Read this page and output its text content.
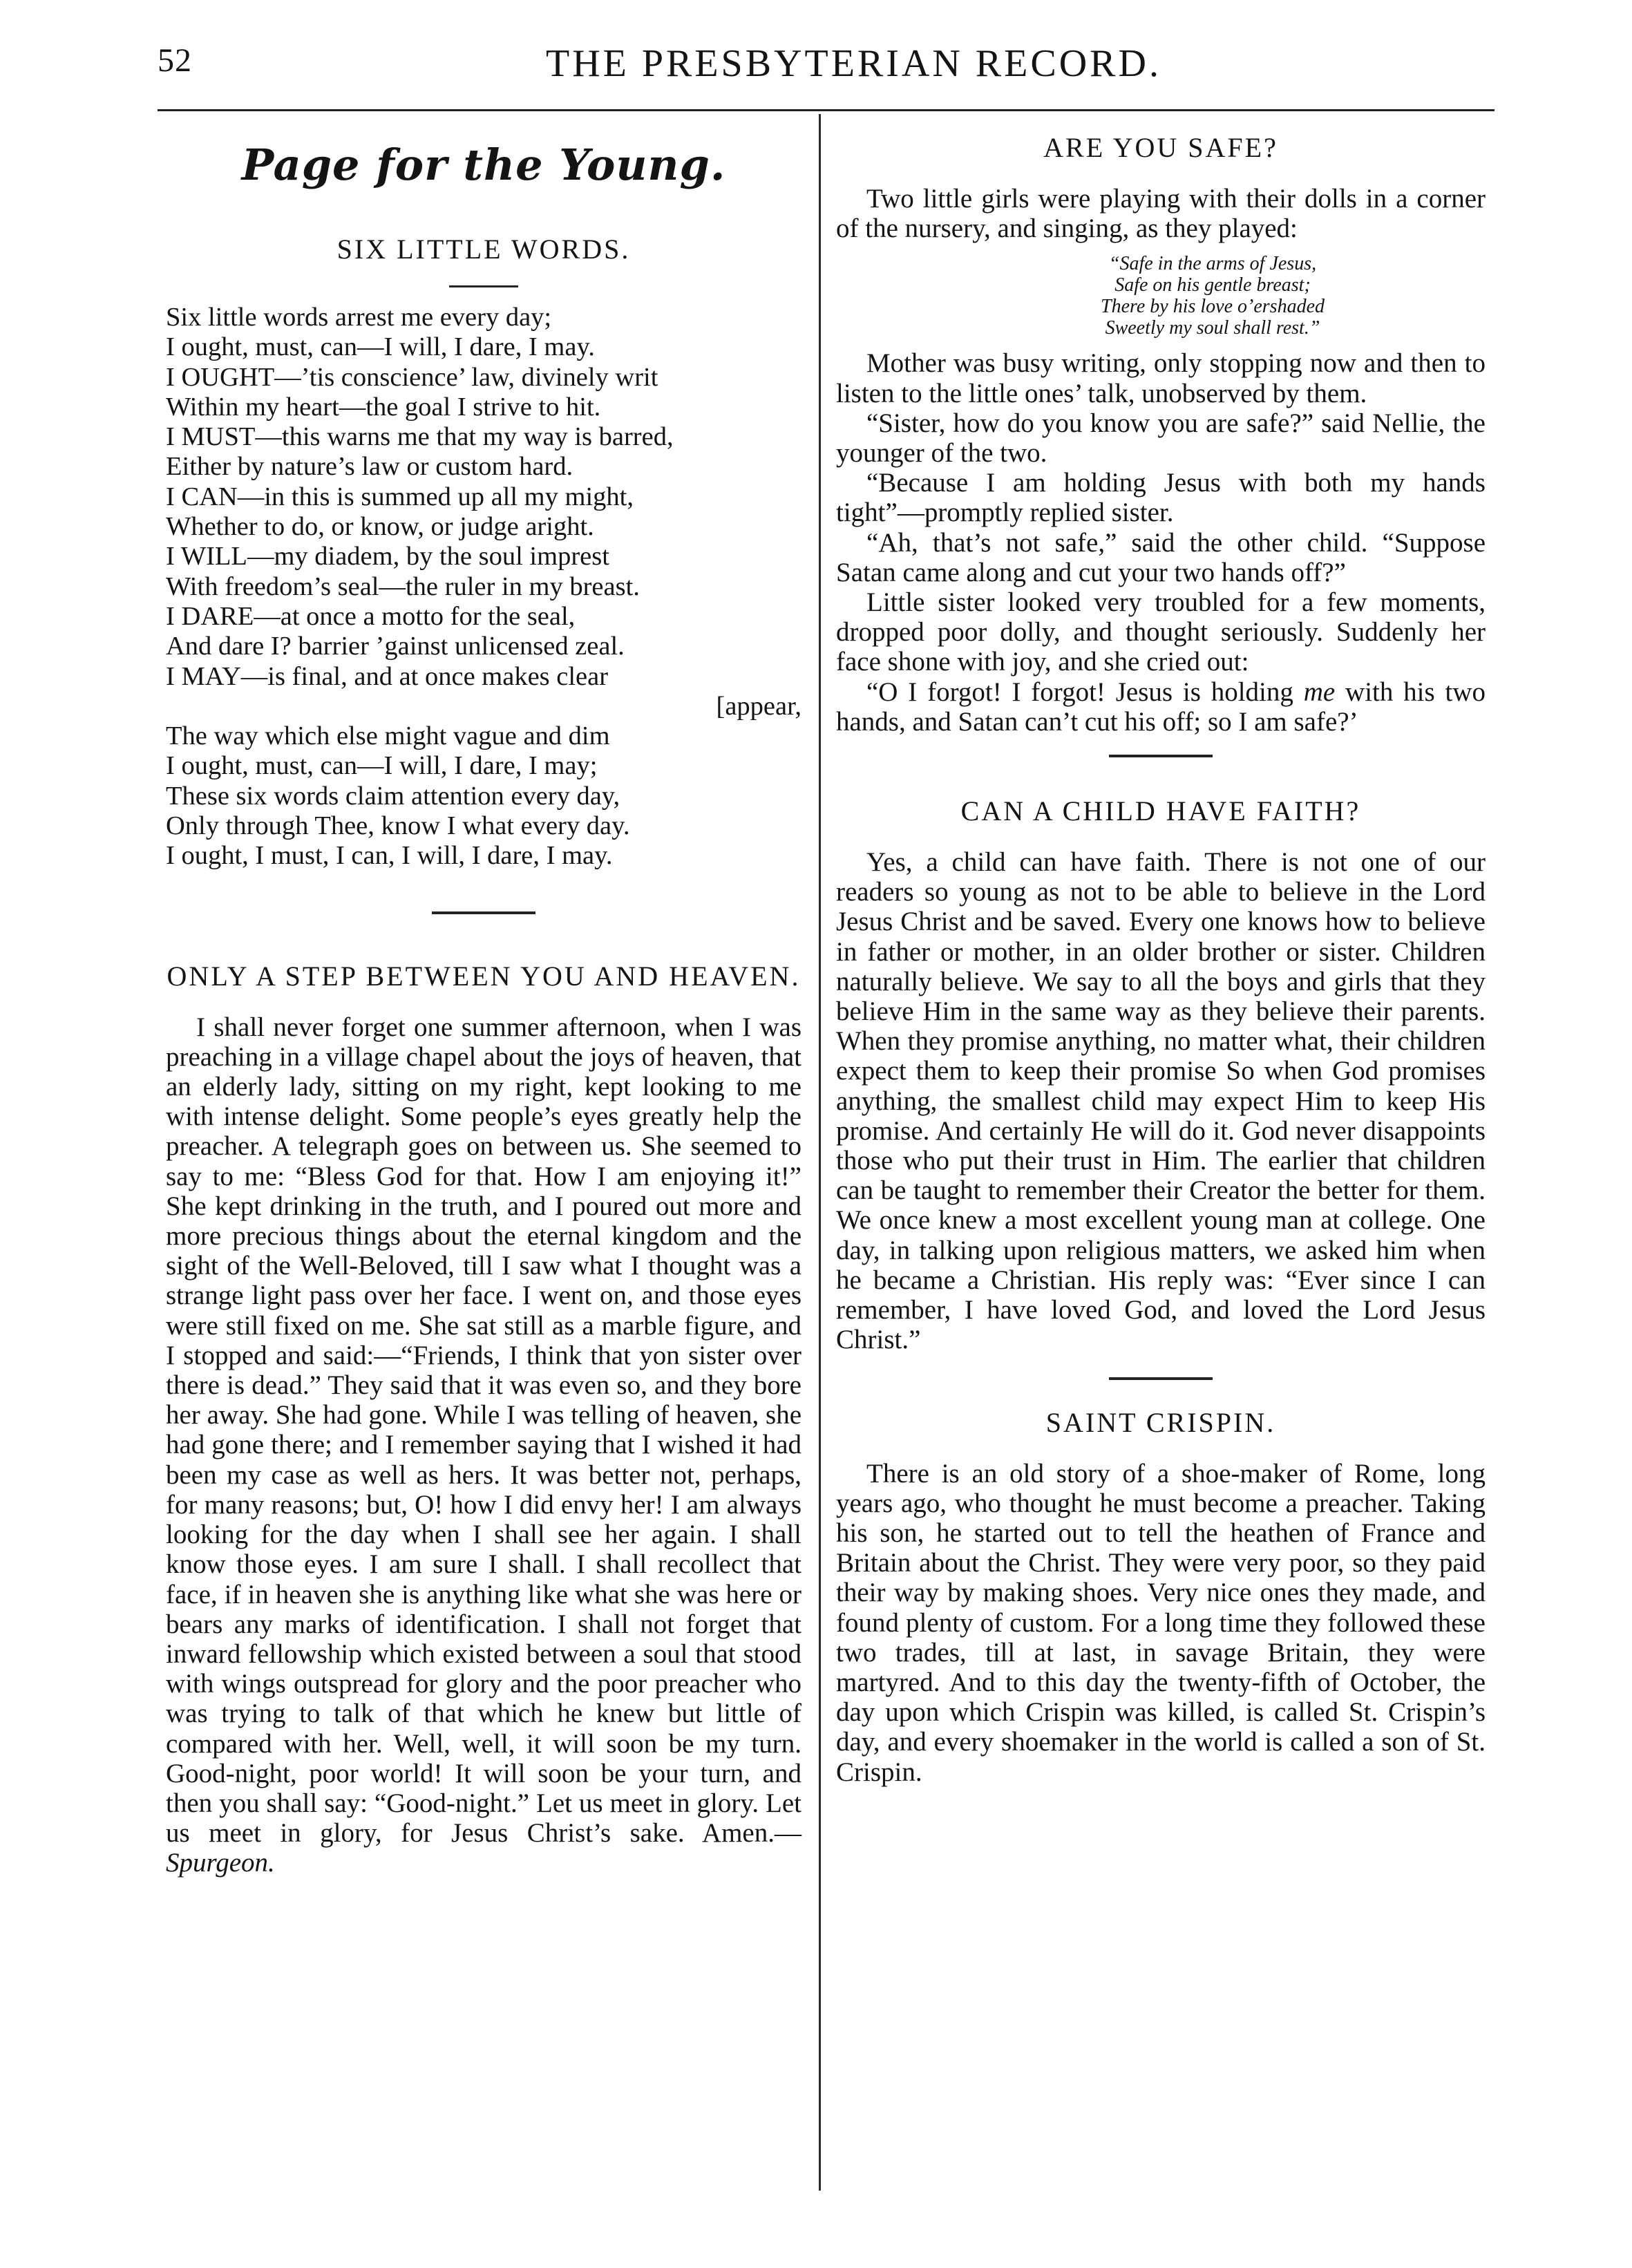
52	THE PRESBYTERIAN RECORD.
Page for the Young.
SIX LITTLE WORDS.
Six little words arrest me every day;
I ought, must, can—I will, I dare, I may.
I OUGHT—’tis conscience’ law, divinely writ
Within my heart—the goal I strive to hit.
I MUST—this warns me that my way is barred,
Either by nature’s law or custom hard.
I CAN—in this is summed up all my might,
Whether to do, or know, or judge aright.
I WILL—my diadem, by the soul imprest
With freedom’s seal—the ruler in my breast.
I DARE—at once a motto for the seal,
And dare I? barrier ’gainst unlicensed zeal.
I MAY—is final, and at once makes clear
[appear,
The way which else might vague and dim
I ought, must, can—I will, I dare, I may;
These six words claim attention every day,
Only through Thee, know I what every day.
I ought, I must, I can, I will, I dare, I may.
ONLY A STEP BETWEEN YOU AND HEAVEN.

I shall never forget one summer afternoon, when I was preaching in a village chapel about the joys of heaven, that an elderly lady, sitting on my right, kept looking to me with intense delight. Some people’s eyes greatly help the preacher. A telegraph goes on between us. She seemed to say to me: “Bless God for that. How I am enjoying it!” She kept drinking in the truth, and I poured out more and more precious things about the eternal kingdom and the sight of the Well-Beloved, till I saw what I thought was a strange light pass over her face. I went on, and those eyes were still fixed on me. She sat still as a marble figure, and I stopped and said:—“Friends, I think that yon sister over there is dead.” They said that it was even so, and they bore her away. She had gone. While I was telling of heaven, she had gone there; and I remember saying that I wished it had been my case as well as hers. It was better not, perhaps, for many reasons; but, O! how I did envy her! I am always looking for the day when I shall see her again. I shall know those eyes. I am sure I shall. I shall recollect that face, if in heaven she is anything like what she was here or bears any marks of identification. I shall not forget that inward fellowship which existed between a soul that stood with wings outspread for glory and the poor preacher who was trying to talk of that which he knew but little of compared with her. Well, well, it will soon be my turn. Good-night, poor world! It will soon be your turn, and then you shall say: “Good-night.” Let us meet in glory. Let us meet in glory, for Jesus Christ’s sake. Amen.—Spurgeon.

ARE YOU SAFE?

Two little girls were playing with their dolls in a corner of the nursery, and singing, as they played:

“Safe in the arms of Jesus,
Safe on his gentle breast;
There by his love o’ershaded
Sweetly my soul shall rest.”

Mother was busy writing, only stopping now and then to listen to the little ones’ talk, unobserved by them.

“Sister, how do you know you are safe?” said Nellie, the younger of the two.

“Because I am holding Jesus with both my hands tight”—promptly replied sister.

“Ah, that’s not safe,” said the other child. “Suppose Satan came along and cut your two hands off?”

Little sister looked very troubled for a few moments, dropped poor dolly, and thought seriously. Suddenly her face shone with joy, and she cried out:

“O I forgot! I forgot! Jesus is holding me with his two hands, and Satan can’t cut his off; so I am safe?’

CAN A CHILD HAVE FAITH?

Yes, a child can have faith. There is not one of our readers so young as not to be able to believe in the Lord Jesus Christ and be saved. Every one knows how to believe in father or mother, in an older brother or sister. Children naturally believe. We say to all the boys and girls that they believe Him in the same way as they believe their parents. When they promise anything, no matter what, their children expect them to keep their promise So when God promises anything, the smallest child may expect Him to keep His promise. And certainly He will do it. God never disappoints those who put their trust in Him. The earlier that children can be taught to remember their Creator the better for them. We once knew a most excellent young man at college. One day, in talking upon religious matters, we asked him when he became a Christian. His reply was: “Ever since I can remember, I have loved God, and loved the Lord Jesus Christ.”

SAINT CRISPIN.

There is an old story of a shoe-maker of Rome, long years ago, who thought he must become a preacher. Taking his son, he started out to tell the heathen of France and Britain about the Christ. They were very poor, so they paid their way by making shoes. Very nice ones they made, and found plenty of custom. For a long time they followed these two trades, till at last, in savage Britain, they were martyred. And to this day the twenty-fifth of October, the day upon which Crispin was killed, is called St. Crispin’s day, and every shoemaker in the world is called a son of St. Crispin.
